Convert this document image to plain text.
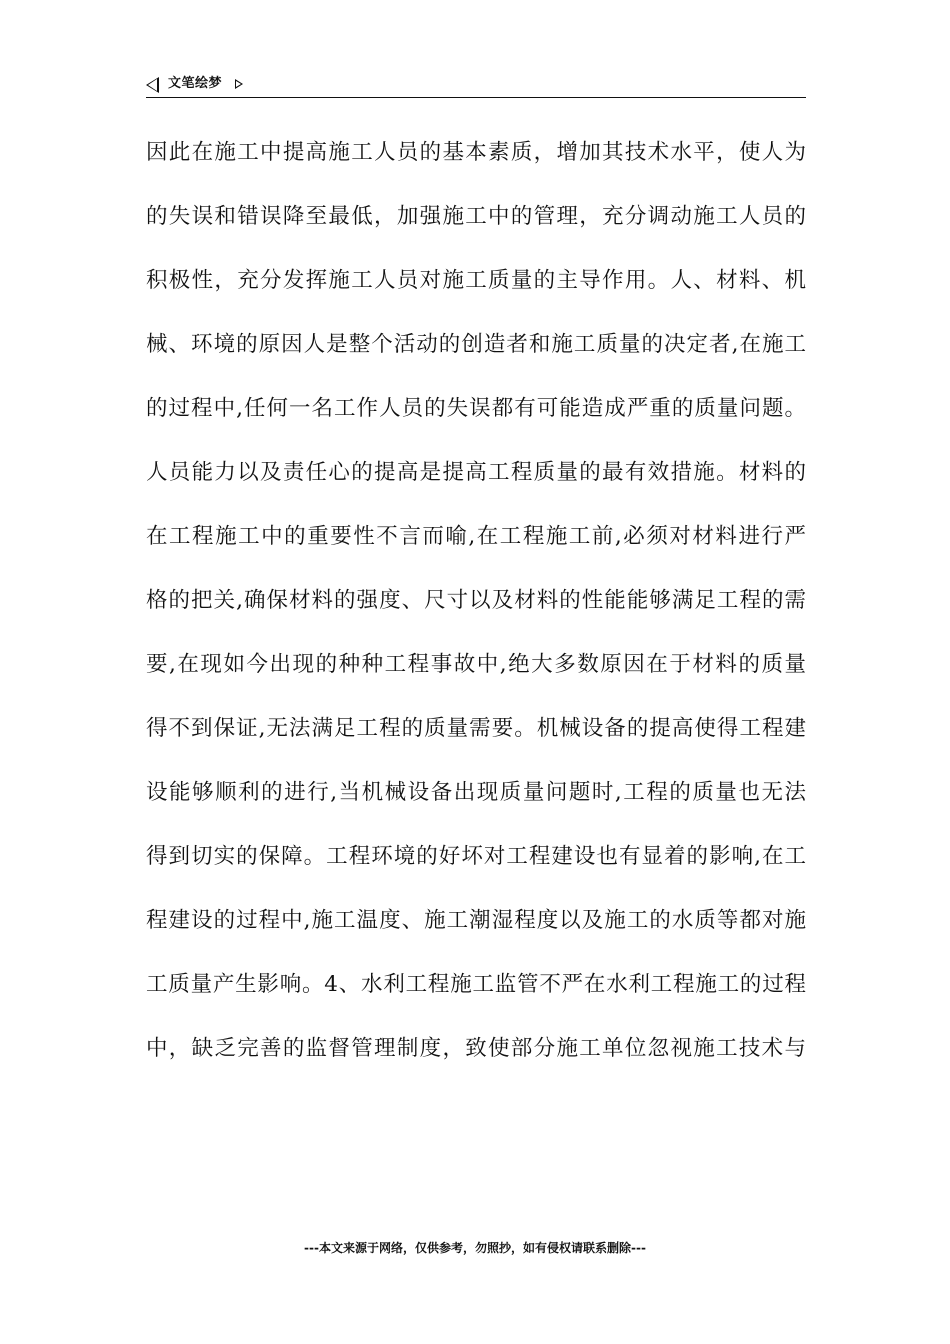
文笔绘梦
因此在施工中提高施工人员的基本素质，增加其技术水平，使人为
的失误和错误降至最低，加强施工中的管理，充分调动施工人员的
积极性，充分发挥施工人员对施工质量的主导作用。人、材料、机
械、环境的原因人是整个活动的创造者和施工质量的决定者,在施工
的过程中,任何一名工作人员的失误都有可能造成严重的质量问题。
人员能力以及责任心的提高是提高工程质量的最有效措施。材料的
在工程施工中的重要性不言而喻,在工程施工前,必须对材料进行严
格的把关,确保材料的强度、尺寸以及材料的性能能够满足工程的需
要,在现如今出现的种种工程事故中,绝大多数原因在于材料的质量
得不到保证,无法满足工程的质量需要。机械设备的提高使得工程建
设能够顺利的进行,当机械设备出现质量问题时,工程的质量也无法
得到切实的保障。工程环境的好坏对工程建设也有显着的影响,在工
程建设的过程中,施工温度、施工潮湿程度以及施工的水质等都对施
工质量产生影响。4、水利工程施工监管不严在水利工程施工的过程
中，缺乏完善的监督管理制度，致使部分施工单位忽视施工技术与
---本文来源于网络，仅供参考，勿照抄，如有侵权请联系删除---
